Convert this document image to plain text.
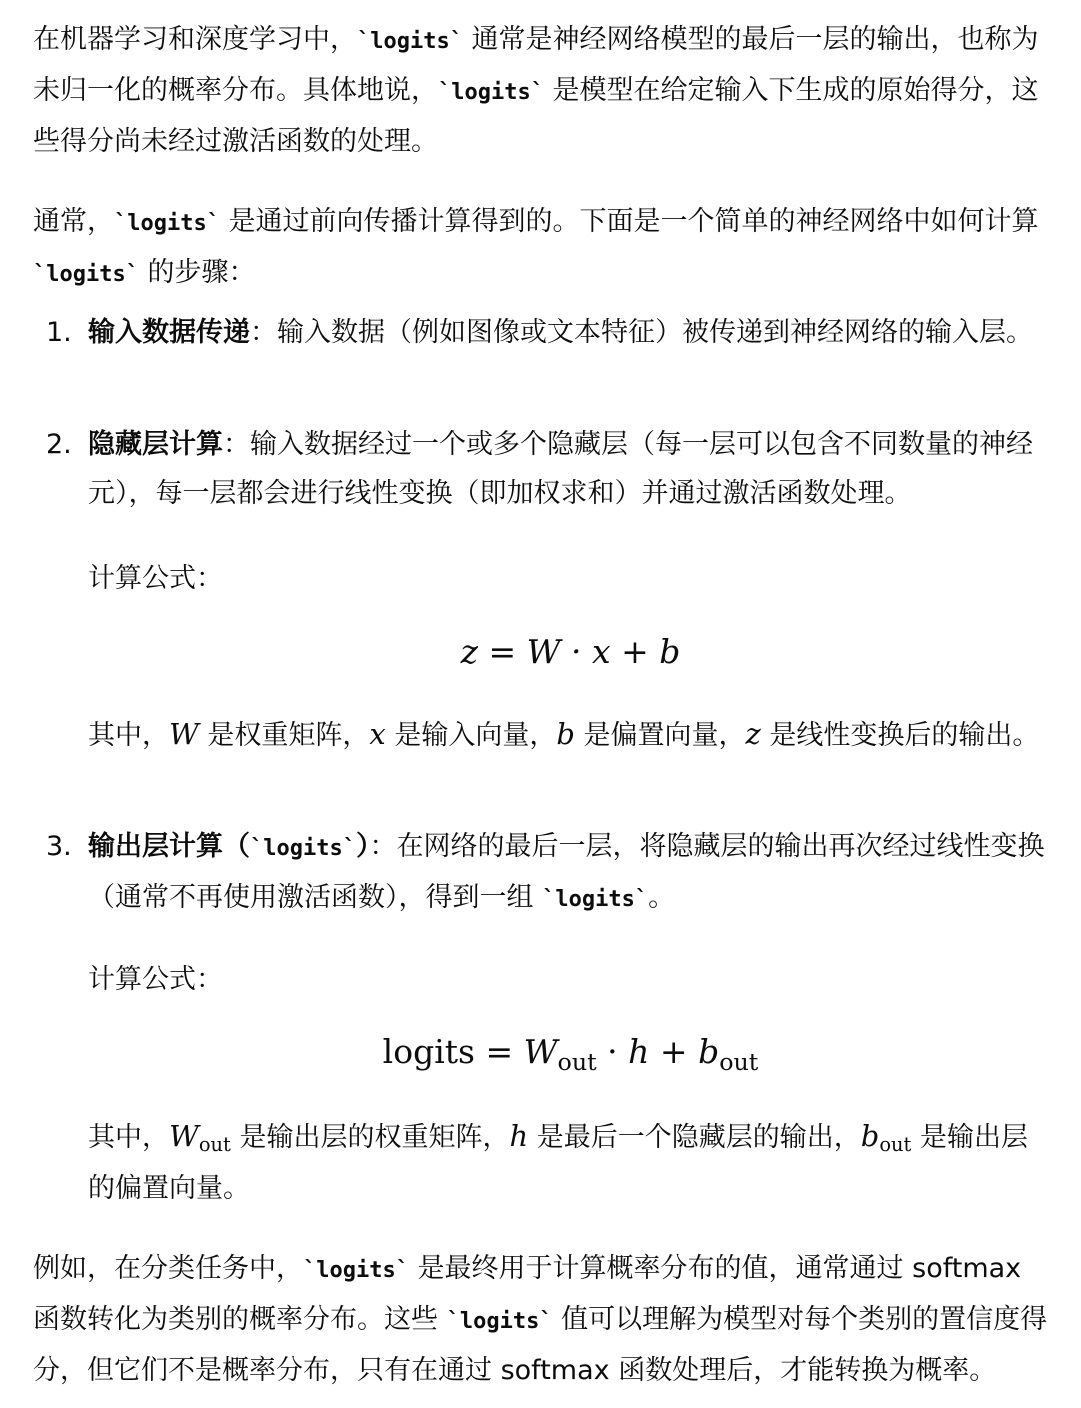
在机器学习和深度学习中，`logits` 通常是神经网络模型的最后一层的输出，也称为未归一化的概率分布。具体地说，`logits` 是模型在给定输入下生成的原始得分，这些得分尚未经过激活函数的处理。

通常，`logits` 是通过前向传播计算得到的。下面是一个简单的神经网络中如何计算 `logits` 的步骤：

1. 输入数据传递：输入数据（例如图像或文本特征）被传递到神经网络的输入层。

2. 隐藏层计算：输入数据经过一个或多个隐藏层（每一层可以包含不同数量的神经元），每一层都会进行线性变换（即加权求和）并通过激活函数处理。

计算公式：

z = W · x + b

其中，W 是权重矩阵，x 是输入向量，b 是偏置向量，z 是线性变换后的输出。

3. 输出层计算（`logits`）：在网络的最后一层，将隐藏层的输出再次经过线性变换（通常不再使用激活函数），得到一组 `logits`。

计算公式：

logits = $W_{out} \cdot h + b_{out}$

其中，$W_{out}$ 是输出层的权重矩阵，h 是最后一个隐藏层的输出，$b_{out}$ 是输出层的偏置向量。

例如，在分类任务中，`logits` 是最终用于计算概率分布的值，通常通过 softmax 函数转化为类别的概率分布。这些 `logits` 值可以理解为模型对每个类别的置信度得分，但它们不是概率分布，只有在通过 softmax 函数处理后，才能转换为概率。
